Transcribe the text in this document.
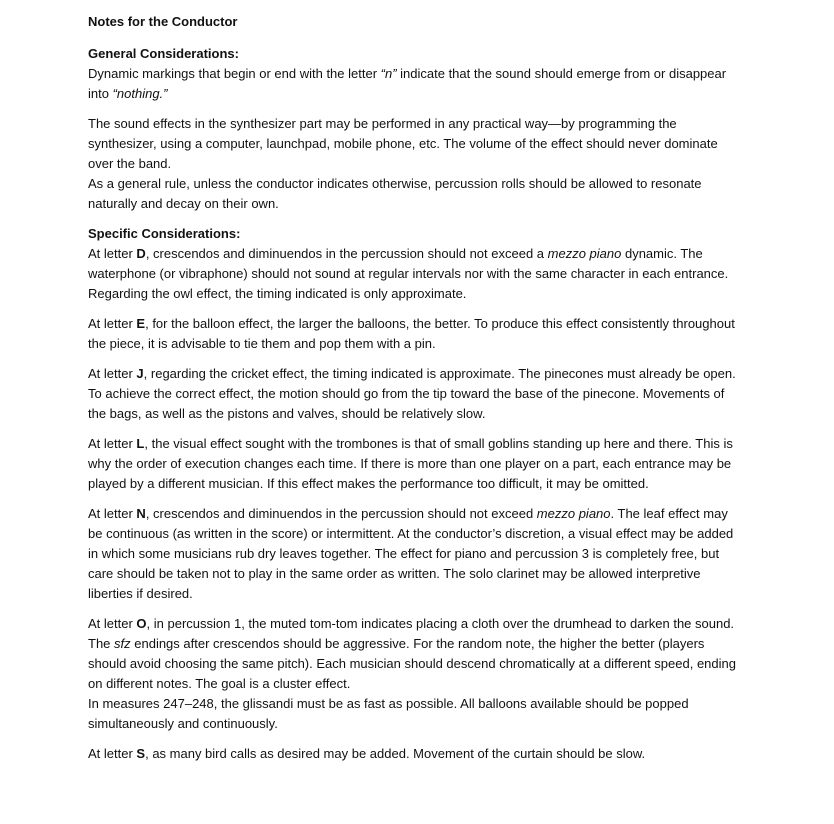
Notes for the Conductor
General Considerations:

Dynamic markings that begin or end with the letter “n” indicate that the sound should emerge from or disappear into “nothing.”

The sound effects in the synthesizer part may be performed in any practical way—by programming the synthesizer, using a computer, launchpad, mobile phone, etc. The volume of the effect should never dominate over the band.

As a general rule, unless the conductor indicates otherwise, percussion rolls should be allowed to resonate naturally and decay on their own.

Specific Considerations:

At letter D, crescendos and diminuendos in the percussion should not exceed a mezzo piano dynamic. The waterphone (or vibraphone) should not sound at regular intervals nor with the same character in each entrance. Regarding the owl effect, the timing indicated is only approximate.

At letter E, for the balloon effect, the larger the balloons, the better. To produce this effect consistently throughout the piece, it is advisable to tie them and pop them with a pin.

At letter J, regarding the cricket effect, the timing indicated is approximate. The pinecones must already be open. To achieve the correct effect, the motion should go from the tip toward the base of the pinecone. Movements of the bags, as well as the pistons and valves, should be relatively slow.

At letter L, the visual effect sought with the trombones is that of small goblins standing up here and there. This is why the order of execution changes each time. If there is more than one player on a part, each entrance may be played by a different musician. If this effect makes the performance too difficult, it may be omitted.

At letter N, crescendos and diminuendos in the percussion should not exceed mezzo piano. The leaf effect may be continuous (as written in the score) or intermittent. At the conductor’s discretion, a visual effect may be added in which some musicians rub dry leaves together. The effect for piano and percussion 3 is completely free, but care should be taken not to play in the same order as written. The solo clarinet may be allowed interpretive liberties if desired.

At letter O, in percussion 1, the muted tom-tom indicates placing a cloth over the drumhead to darken the sound. The sfz endings after crescendos should be aggressive. For the random note, the higher the better (players should avoid choosing the same pitch). Each musician should descend chromatically at a different speed, ending on different notes. The goal is a cluster effect.

In measures 247–248, the glissandi must be as fast as possible. All balloons available should be popped simultaneously and continuously.

At letter S, as many bird calls as desired may be added. Movement of the curtain should be slow.
